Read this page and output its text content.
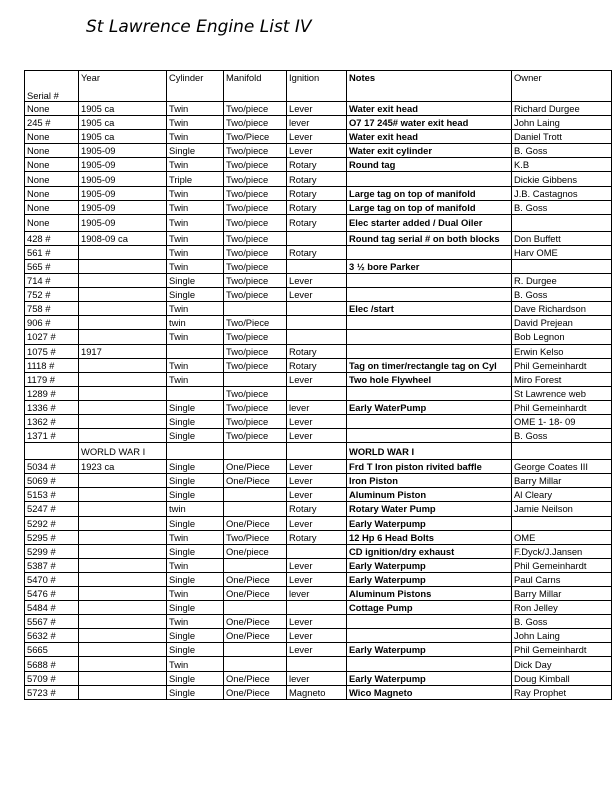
St Lawrence Engine List IV
Serial #	Year	Cylinder	Manifold	Ignition	Notes	Owner
None	1905 ca	Twin	Two/piece	Lever	Water exit head	Richard Durgee
245 #	1905 ca	Twin	Two/piece	lever	O7 17 245# water exit head	John Laing
None	1905 ca	Twin	Two/Piece	Lever	Water exit head	Daniel Trott
None	1905-09	Single	Two/piece	Lever	Water exit cylinder	B. Goss
None	1905-09	Twin	Two/piece	Rotary	Round tag	K.B
None	1905-09	Triple	Two/piece	Rotary		Dickie Gibbens
None	1905-09	Twin	Two/piece	Rotary	Large tag on top of manifold	J.B. Castagnos
None	1905-09	Twin	Two/piece	Rotary	Large tag on top of manifold	B. Goss
None	1905-09	Twin	Two/piece	Rotary	Elec starter added / Dual Oiler	
428 #	1908-09 ca	Twin	Two/piece		Round tag serial # on both blocks	Don Buffett
561 #		Twin	Two/piece	Rotary		Harv OME
565 #		Twin	Two/piece		3 ½ bore Parker	
714 #		Single	Two/piece	Lever		R. Durgee
752 #		Single	Two/piece	Lever		B. Goss
758 #		Twin			Elec /start	Dave Richardson
906 #		twin	Two/Piece			David Prejean
1027 #		Twin	Two/piece			Bob Legnon
1075 #	1917		Two/piece	Rotary		Erwin Kelso
1118 #		Twin	Two/piece	Rotary	Tag on timer/rectangle tag on Cyl	Phil Gemeinhardt
1179 #		Twin		Lever	Two hole Flywheel	Miro Forest
1289 #			Two/piece			St Lawrence web
1336 #		Single	Two/piece	lever	Early WaterPump	Phil Gemeinhardt
1362 #		Single	Two/piece	Lever		OME 1- 18- 09
1371 #		Single	Two/piece	Lever		B. Goss
	WORLD WAR I				WORLD WAR I	
5034 #	1923 ca	Single	One/Piece	Lever	Frd T Iron piston rivited baffle	George Coates III
5069 #		Single	One/Piece	Lever	Iron Piston	Barry Millar
5153 #		Single		Lever	Aluminum Piston	Al Cleary
5247 #		twin		Rotary	Rotary Water Pump	Jamie Neilson
5292 #		Single	One/Piece	Lever	Early Waterpump	
5295 #		Twin	Two/Piece	Rotary	12 Hp 6 Head Bolts	OME
5299 #		Single	One/piece		CD ignition/dry exhaust	F.Dyck/J.Jansen
5387 #		Twin		Lever	Early Waterpump	Phil Gemeinhardt
5470 #		Single	One/Piece	Lever	Early Waterpump	Paul Carns
5476 #		Twin	One/Piece	lever	Aluminum Pistons	Barry Millar
5484 #		Single			Cottage Pump	Ron Jelley
5567 #		Twin	One/Piece	Lever		B. Goss
5632 #		Single	One/Piece	Lever		John Laing
5665		Single		Lever	Early Waterpump	Phil Gemeinhardt
5688 #		Twin				Dick Day
5709 #		Single	One/Piece	lever	Early Waterpump	Doug Kimball
5723 #		Single	One/Piece	Magneto	Wico Magneto	Ray Prophet
